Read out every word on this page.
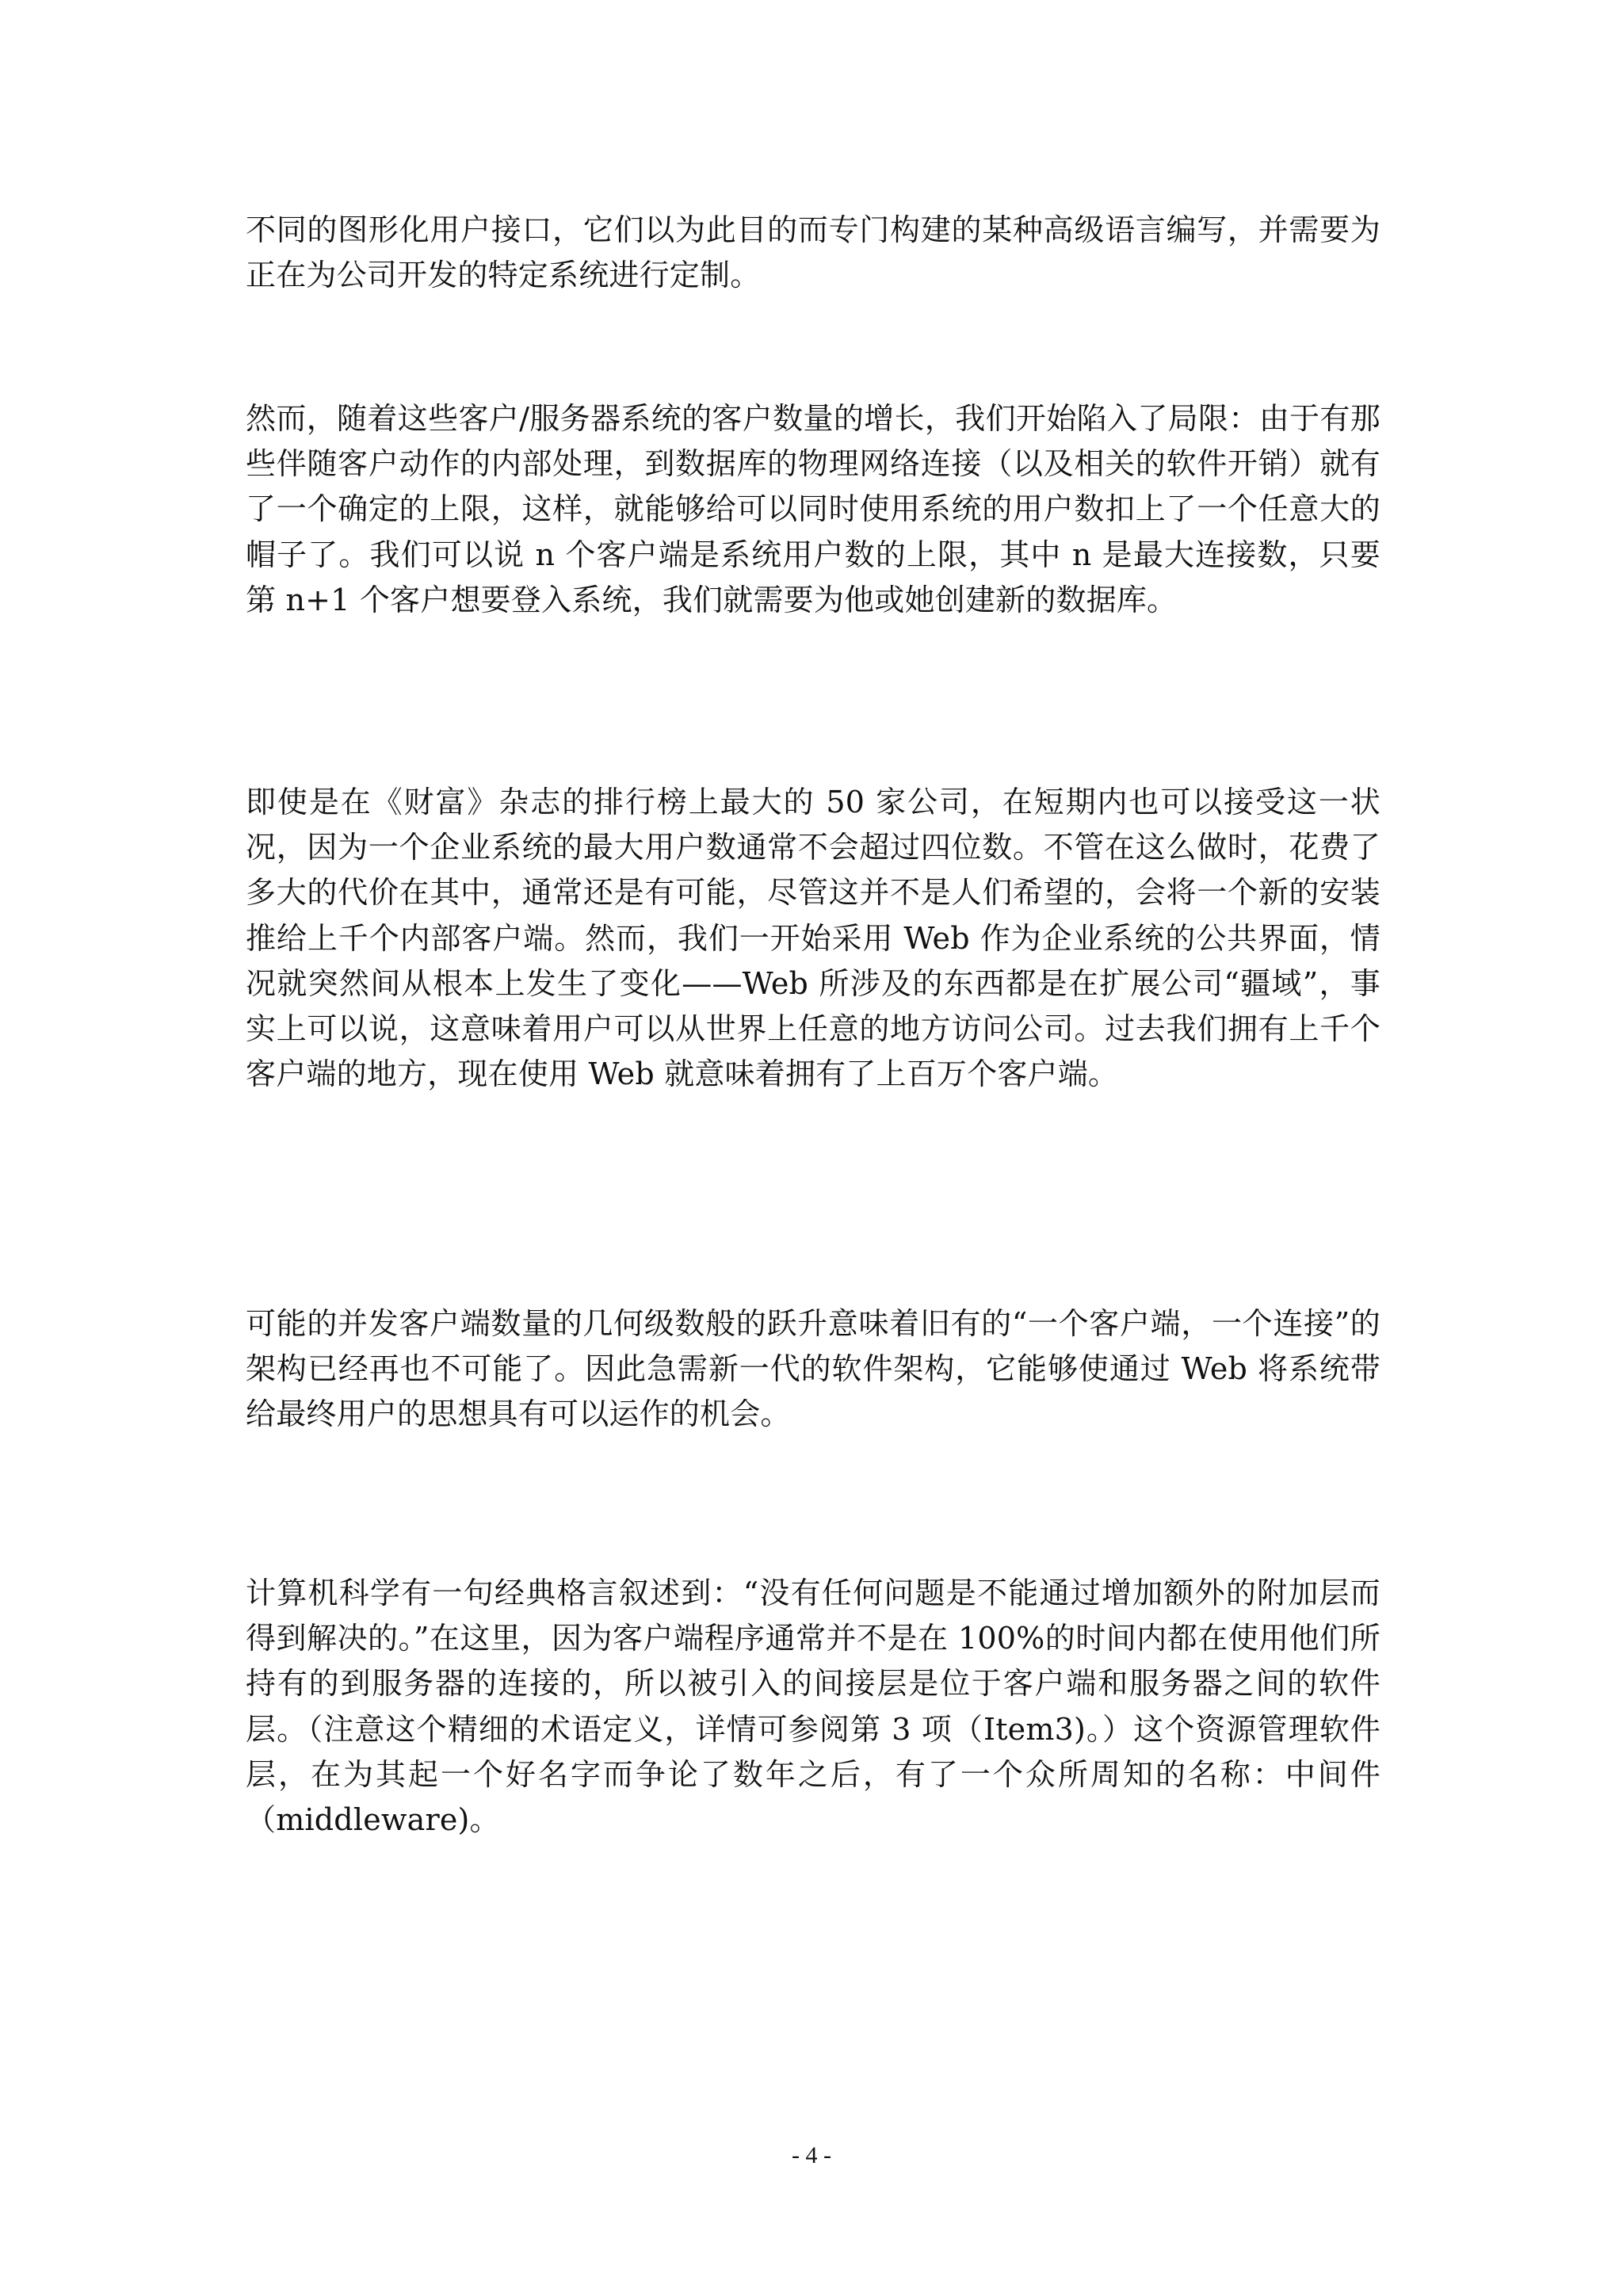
不同的图形化用户接口，它们以为此目的而专门构建的某种高级语言编写，并需要为正在为公司开发的特定系统进行定制。

然而，随着这些客户/服务器系统的客户数量的增长，我们开始陷入了局限：由于有那些伴随客户动作的内部处理，到数据库的物理网络连接（以及相关的软件开销）就有了一个确定的上限，这样，就能够给可以同时使用系统的用户数扣上了一个任意大的帽子了。我们可以说 n 个客户端是系统用户数的上限，其中 n 是最大连接数，只要第 n+1 个客户想要登入系统，我们就需要为他或她创建新的数据库。

即使是在《财富》杂志的排行榜上最大的 50 家公司，在短期内也可以接受这一状况，因为一个企业系统的最大用户数通常不会超过四位数。不管在这么做时，花费了多大的代价在其中，通常还是有可能，尽管这并不是人们希望的，会将一个新的安装推给上千个内部客户端。然而，我们一开始采用 Web 作为企业系统的公共界面，情况就突然间从根本上发生了变化——Web 所涉及的东西都是在扩展公司“疆域”，事实上可以说，这意味着用户可以从世界上任意的地方访问公司。过去我们拥有上千个客户端的地方，现在使用 Web 就意味着拥有了上百万个客户端。

可能的并发客户端数量的几何级数般的跃升意味着旧有的“一个客户端，一个连接”的架构已经再也不可能了。因此急需新一代的软件架构，它能够使通过 Web 将系统带给最终用户的思想具有可以运作的机会。

计算机科学有一句经典格言叙述到：“没有任何问题是不能通过增加额外的附加层而得到解决的。”在这里，因为客户端程序通常并不是在 100%的时间内都在使用他们所持有的到服务器的连接的，所以被引入的间接层是位于客户端和服务器之间的软件层。（注意这个精细的术语定义，详情可参阅第 3 项（Item3)。）这个资源管理软件层，在为其起一个好名字而争论了数年之后，有了一个众所周知的名称：中间件（middleware)。

- 4 -
